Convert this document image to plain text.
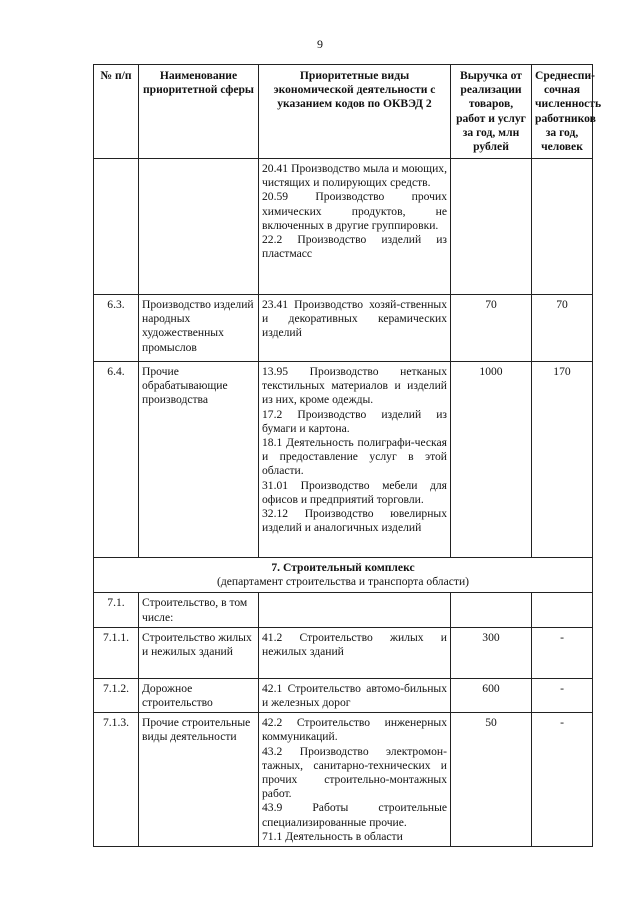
9
№ п/п	Наименование приоритетной сферы	Приоритетные виды экономической деятельности с указанием кодов по ОКВЭД 2	Выручка от реализации товаров, работ и услуг за год, млн рублей	Среднеспи-сочная численность работников за год, человек

		20.41 Производство мыла и моющих, чистящих и полирующих средств.
20.59 Производство прочих химических продуктов, не включенных в другие группировки.
22.2 Производство изделий из пластмасс		

6.3.	Производство изделий народных художественных промыслов	23.41 Производство хозяй-ственных и декоративных керамических изделий	70	70
6.4.	Прочие обрабатывающие производства	13.95 Производство нетканых текстильных материалов и изделий из них, кроме одежды.
17.2 Производство изделий из бумаги и картона.
18.1 Деятельность полиграфи-ческая и предоставление услуг в этой области.
31.01 Производство мебели для офисов и предприятий торговли.
32.12 Производство ювелирных изделий и аналогичных изделий	1000	170

7. Строительный комплекс
(департамент строительства и транспорта области)				

7.1.	Строительство, в том числе:			
7.1.1.	Строительство жилых и нежилых зданий	41.2 Строительство жилых и нежилых зданий	300	-
7.1.2.	Дорожное строительство	42.1 Строительство автомо-бильных и железных дорог	600	-
7.1.3.	Прочие строительные виды деятельности	42.2 Строительство инженерных коммуникаций.
43.2 Производство электромон-тажных, санитарно-технических и прочих строительно-монтажных работ.
43.9 Работы строительные специализированные прочие.
71.1 Деятельность в области	50	-
